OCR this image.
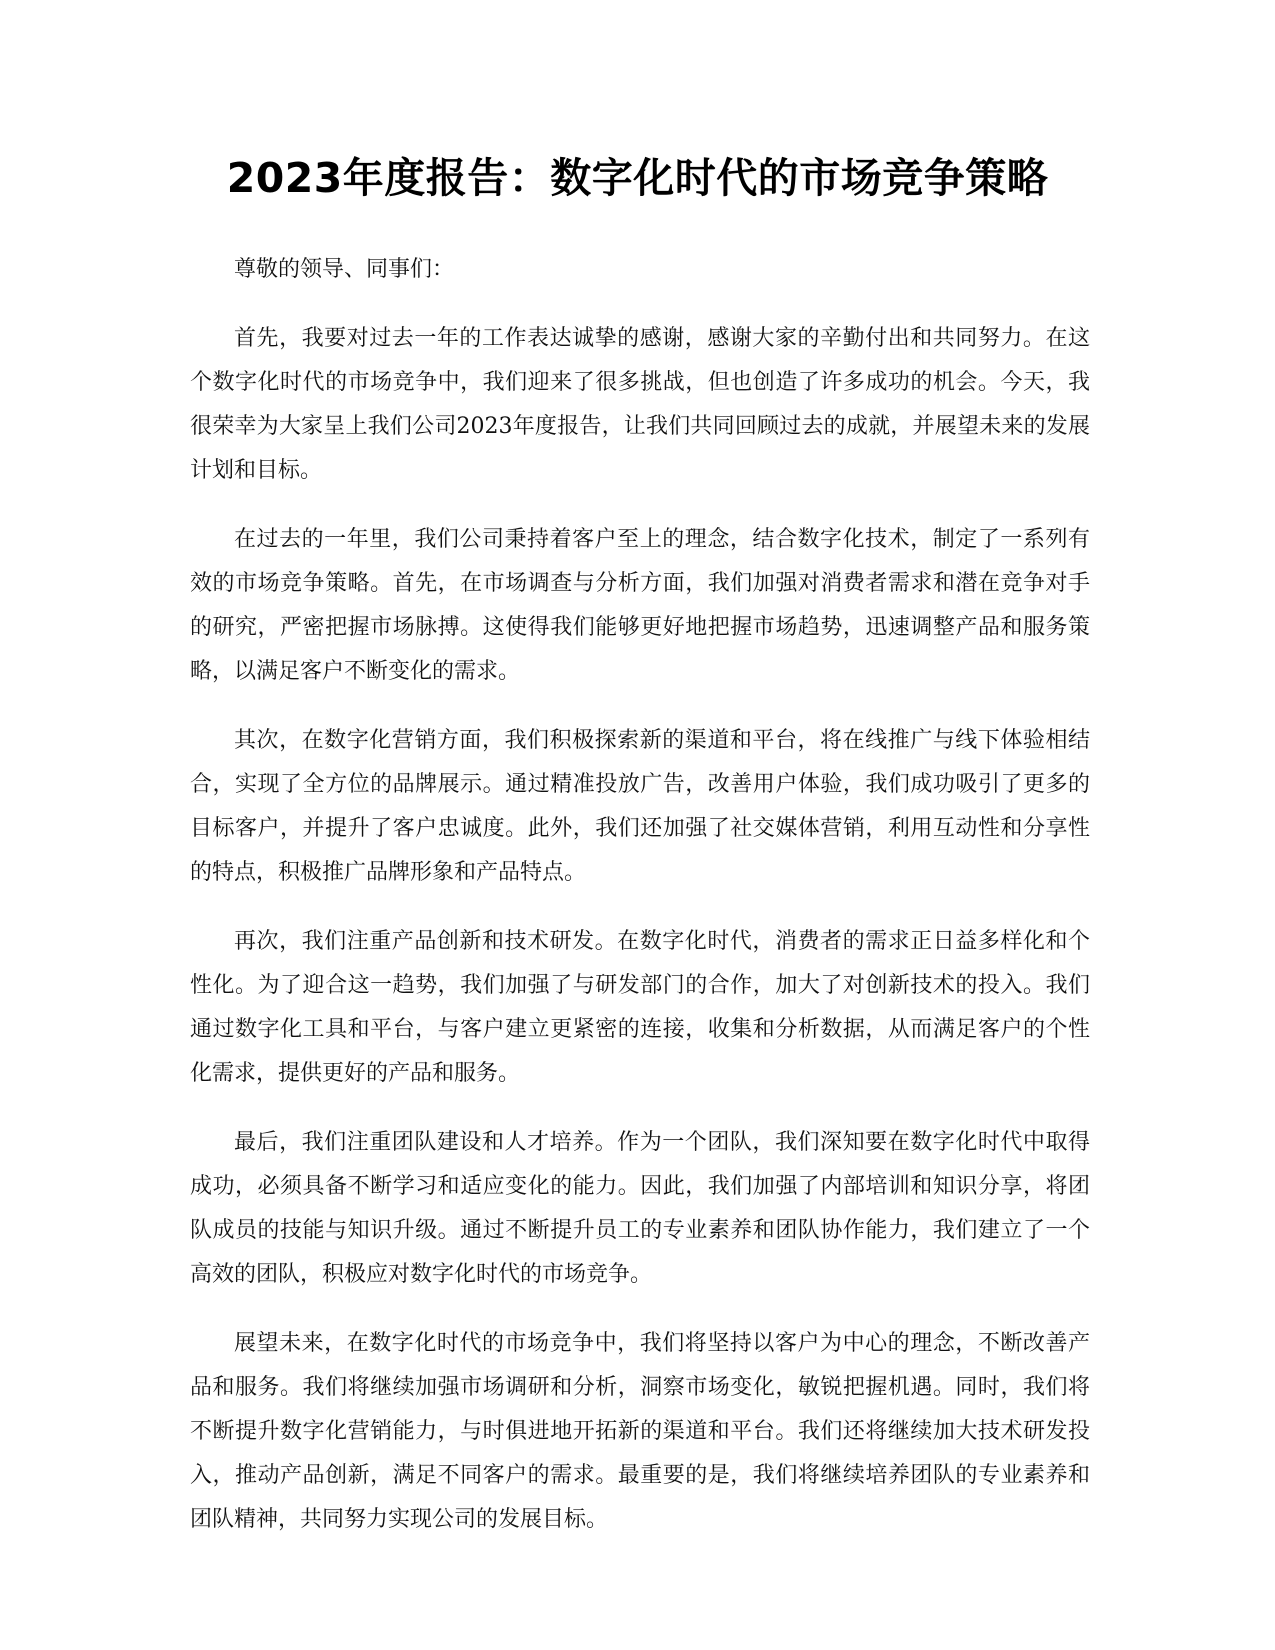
2023年度报告：数字化时代的市场竞争策略

尊敬的领导、同事们：

首先，我要对过去一年的工作表达诚挚的感谢，感谢大家的辛勤付出和共同努力。在这个数字化时代的市场竞争中，我们迎来了很多挑战，但也创造了许多成功的机会。今天，我很荣幸为大家呈上我们公司2023年度报告，让我们共同回顾过去的成就，并展望未来的发展计划和目标。

在过去的一年里，我们公司秉持着客户至上的理念，结合数字化技术，制定了一系列有效的市场竞争策略。首先，在市场调查与分析方面，我们加强对消费者需求和潜在竞争对手的研究，严密把握市场脉搏。这使得我们能够更好地把握市场趋势，迅速调整产品和服务策略，以满足客户不断变化的需求。

其次，在数字化营销方面，我们积极探索新的渠道和平台，将在线推广与线下体验相结合，实现了全方位的品牌展示。通过精准投放广告，改善用户体验，我们成功吸引了更多的目标客户，并提升了客户忠诚度。此外，我们还加强了社交媒体营销，利用互动性和分享性的特点，积极推广品牌形象和产品特点。

再次，我们注重产品创新和技术研发。在数字化时代，消费者的需求正日益多样化和个性化。为了迎合这一趋势，我们加强了与研发部门的合作，加大了对创新技术的投入。我们通过数字化工具和平台，与客户建立更紧密的连接，收集和分析数据，从而满足客户的个性化需求，提供更好的产品和服务。

最后，我们注重团队建设和人才培养。作为一个团队，我们深知要在数字化时代中取得成功，必须具备不断学习和适应变化的能力。因此，我们加强了内部培训和知识分享，将团队成员的技能与知识升级。通过不断提升员工的专业素养和团队协作能力，我们建立了一个高效的团队，积极应对数字化时代的市场竞争。

展望未来，在数字化时代的市场竞争中，我们将坚持以客户为中心的理念，不断改善产品和服务。我们将继续加强市场调研和分析，洞察市场变化，敏锐把握机遇。同时，我们将不断提升数字化营销能力，与时俱进地开拓新的渠道和平台。我们还将继续加大技术研发投入，推动产品创新，满足不同客户的需求。最重要的是，我们将继续培养团队的专业素养和团队精神，共同努力实现公司的发展目标。
